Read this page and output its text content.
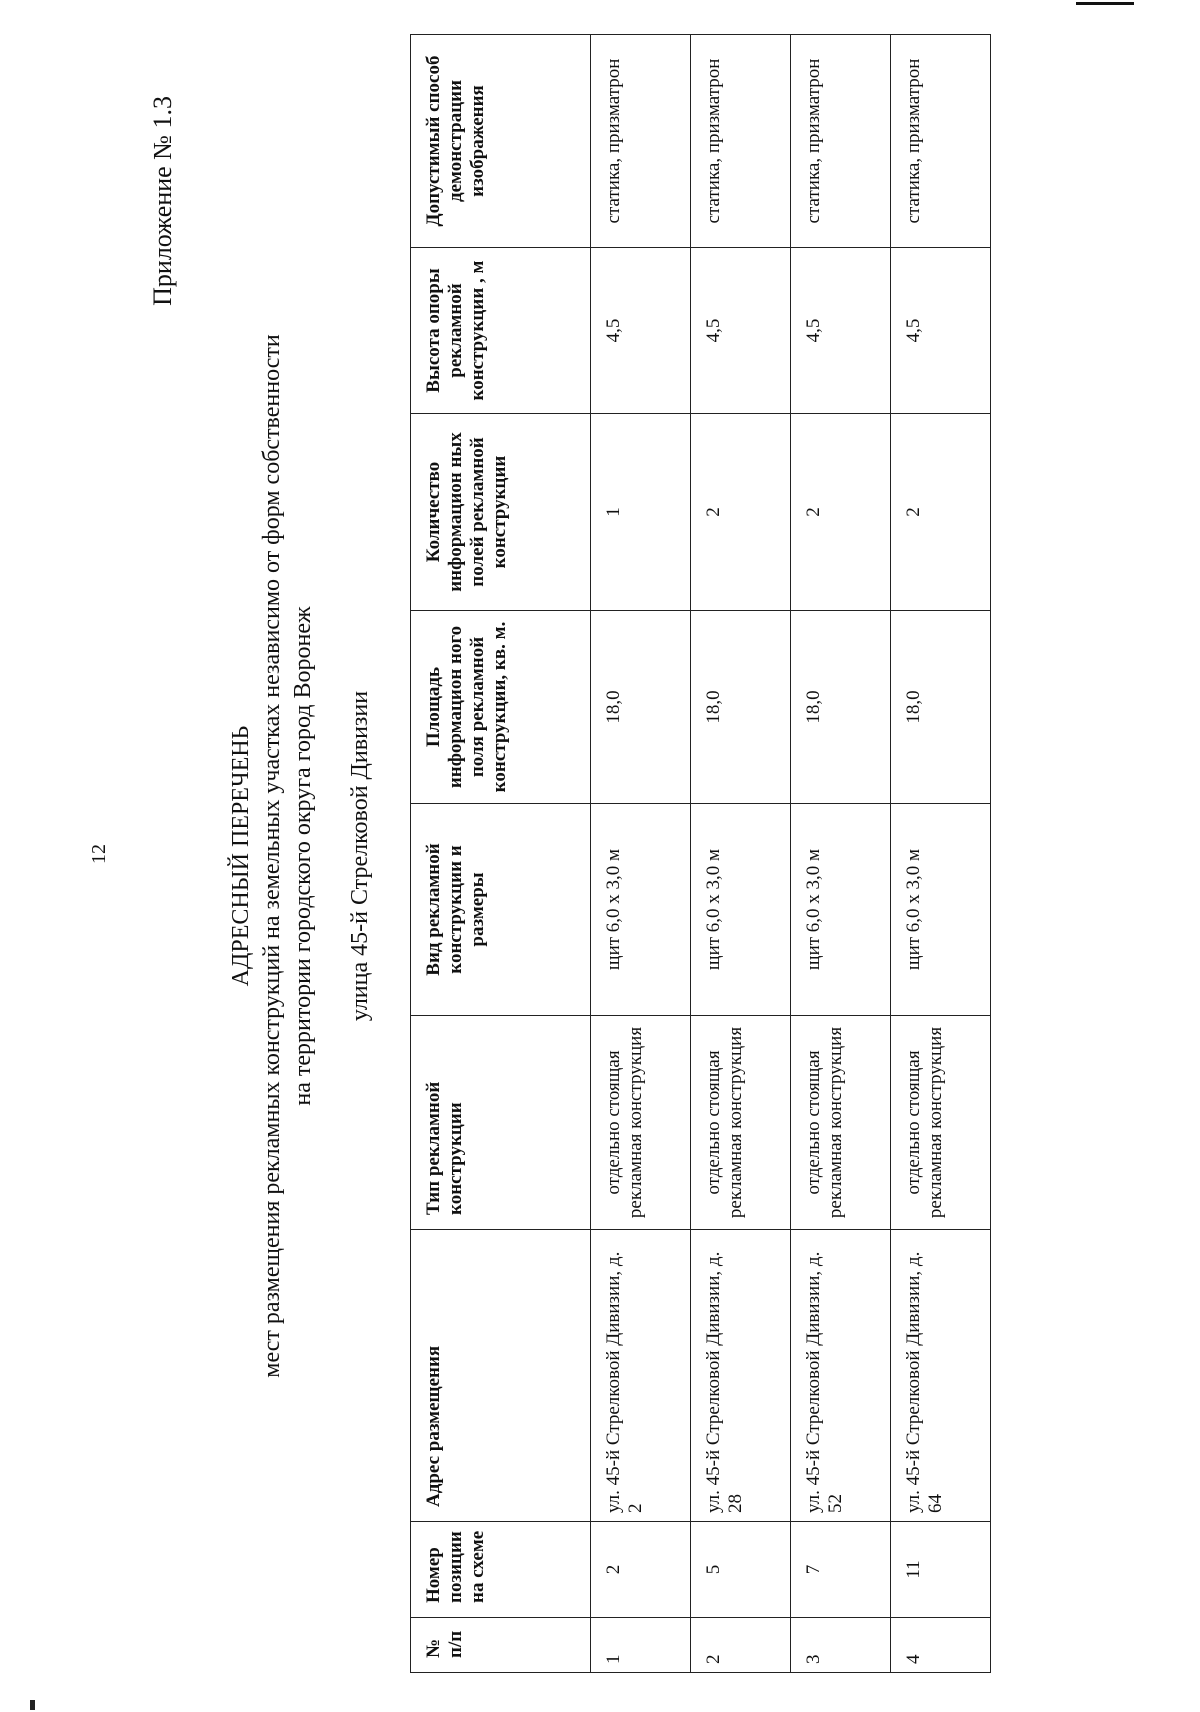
12
Приложение № 1.3
АДРЕСНЫЙ ПЕРЕЧЕНЬ мест размещения рекламных конструкций на земельных участках независимо от форм собственности на территории городского округа город Воронеж улица 45-й Стрелковой Дивизии
№ п/п	Номер позиции на схеме	Адрес размещения	Тип рекламной конструкции	Вид рекламной конструкции и размеры	Площадь информацион ного поля рекламной конструкции, кв. м.	Количество информацион ных полей рекламной конструкции	Высота опоры рекламной конструкции , м	Допустимый способ демонстрации изображения
1	2	ул. 45-й Стрелковой Дивизии, д. 2	отдельно стоящая рекламная конструкция	щит 6,0 х 3,0 м	18,0	1	4,5	статика, призматрон
2	5	ул. 45-й Стрелковой Дивизии, д. 28	отдельно стоящая рекламная конструкция	щит 6,0 х 3,0 м	18,0	2	4,5	статика, призматрон
3	7	ул. 45-й Стрелковой Дивизии, д. 52	отдельно стоящая рекламная конструкция	щит 6,0 х 3,0 м	18,0	2	4,5	статика, призматрон
4	11	ул. 45-й Стрелковой Дивизии, д. 64	отдельно стоящая рекламная конструкция	щит 6,0 х 3,0 м	18,0	2	4,5	статика, призматрон
